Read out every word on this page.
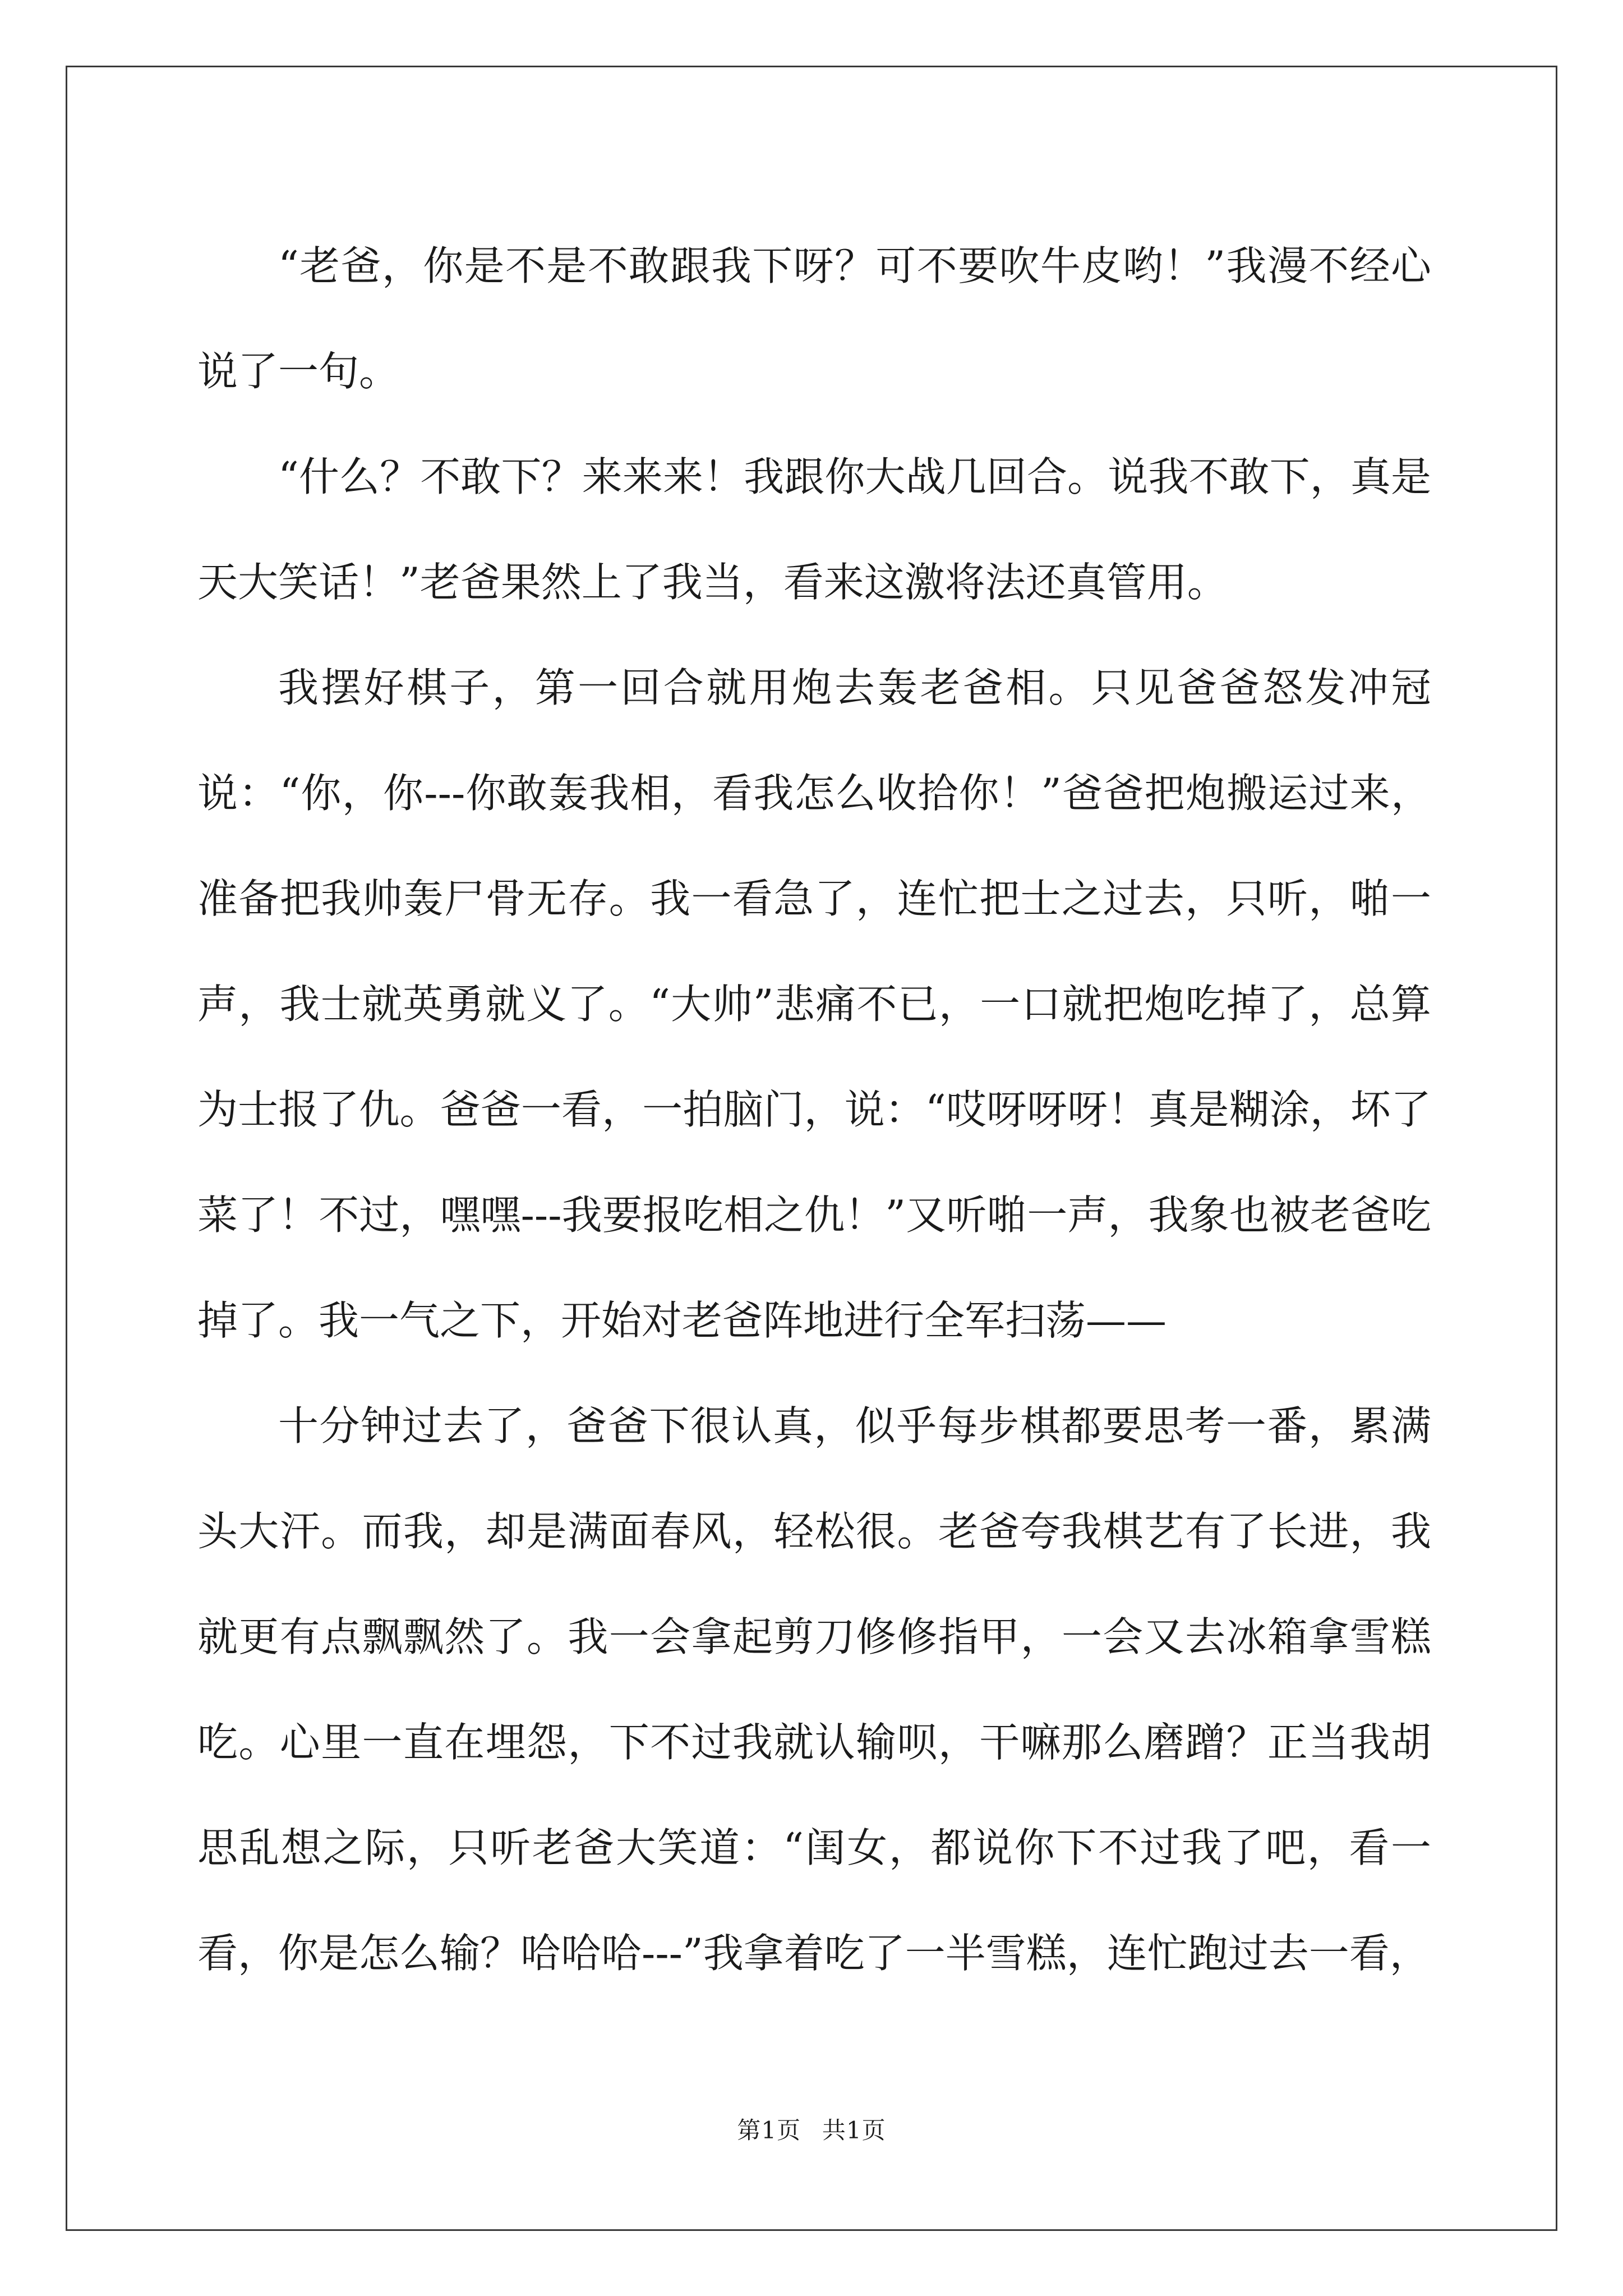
“老爸，你是不是不敢跟我下呀？可不要吹牛皮哟！”我漫不经心说了一句。

“什么？不敢下？来来来！我跟你大战几回合。说我不敢下，真是天大笑话！”老爸果然上了我当，看来这激将法还真管用。

我摆好棋子，第一回合就用炮去轰老爸相。只见爸爸怒发冲冠说：“你，你---你敢轰我相，看我怎么收拾你！”爸爸把炮搬运过来，准备把我帅轰尸骨无存。我一看急了，连忙把士之过去，只听，啪一声，我士就英勇就义了。“大帅”悲痛不已，一口就把炮吃掉了，总算为士报了仇。爸爸一看，一拍脑门，说：“哎呀呀呀！真是糊涂，坏了菜了！不过，嘿嘿---我要报吃相之仇！”又听啪一声，我象也被老爸吃掉了。我一气之下，开始对老爸阵地进行全军扫荡——

十分钟过去了，爸爸下很认真，似乎每步棋都要思考一番，累满头大汗。而我，却是满面春风，轻松很。老爸夸我棋艺有了长进，我就更有点飘飘然了。我一会拿起剪刀修修指甲，一会又去冰箱拿雪糕吃。心里一直在埋怨，下不过我就认输呗，干嘛那么磨蹭？正当我胡思乱想之际，只听老爸大笑道：“闺女，都说你下不过我了吧，看一看，你是怎么输？哈哈哈---”我拿着吃了一半雪糕，连忙跑过去一看，

第1页 共1页
